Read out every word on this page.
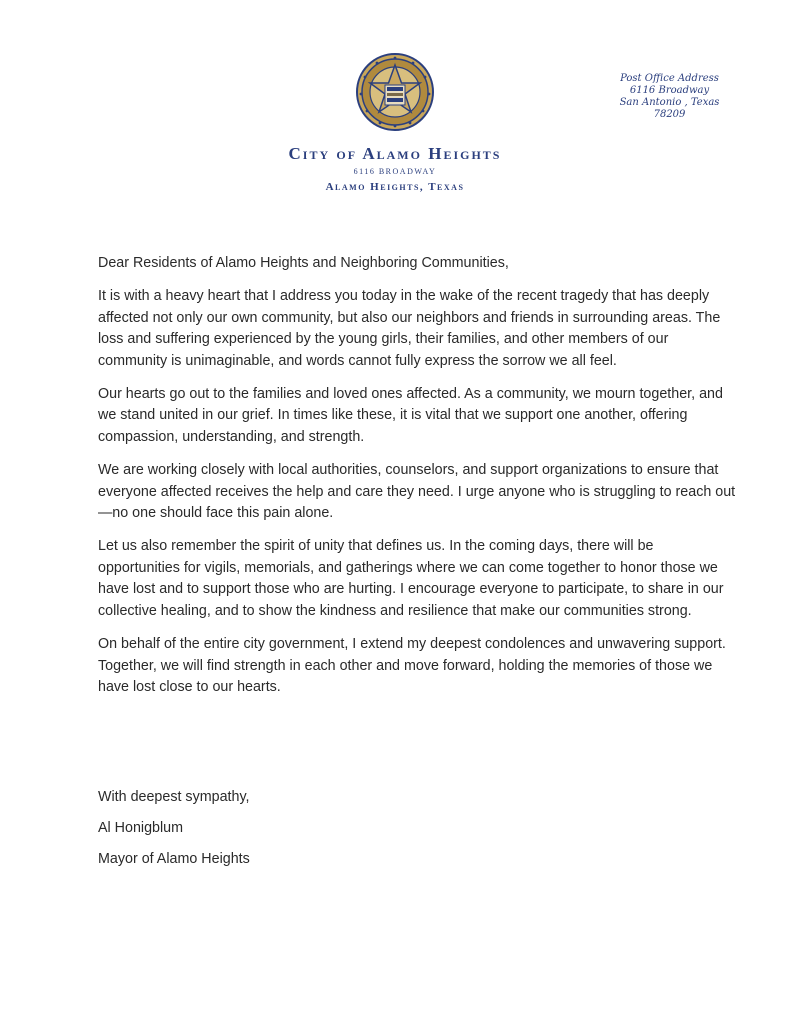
Post Office Address
6116 Broadway
San Antonio , Texas
78209
City of Alamo Heights
6116 BROADWAY
Alamo Heights, Texas

Dear Residents of Alamo Heights and Neighboring Communities,

It is with a heavy heart that I address you today in the wake of the recent tragedy that has deeply affected not only our own community, but also our neighbors and friends in surrounding areas. The loss and suffering experienced by the young girls, their families, and other members of our community is unimaginable, and words cannot fully express the sorrow we all feel.

Our hearts go out to the families and loved ones affected. As a community, we mourn together, and we stand united in our grief. In times like these, it is vital that we support one another, offering compassion, understanding, and strength.

We are working closely with local authorities, counselors, and support organizations to ensure that everyone affected receives the help and care they need. I urge anyone who is struggling to reach out—no one should face this pain alone.

Let us also remember the spirit of unity that defines us. In the coming days, there will be opportunities for vigils, memorials, and gatherings where we can come together to honor those we have lost and to support those who are hurting. I encourage everyone to participate, to share in our collective healing, and to show the kindness and resilience that make our communities strong.

On behalf of the entire city government, I extend my deepest condolences and unwavering support. Together, we will find strength in each other and move forward, holding the memories of those we have lost close to our hearts.

With deepest sympathy,
Al Honigblum
Mayor of Alamo Heights
